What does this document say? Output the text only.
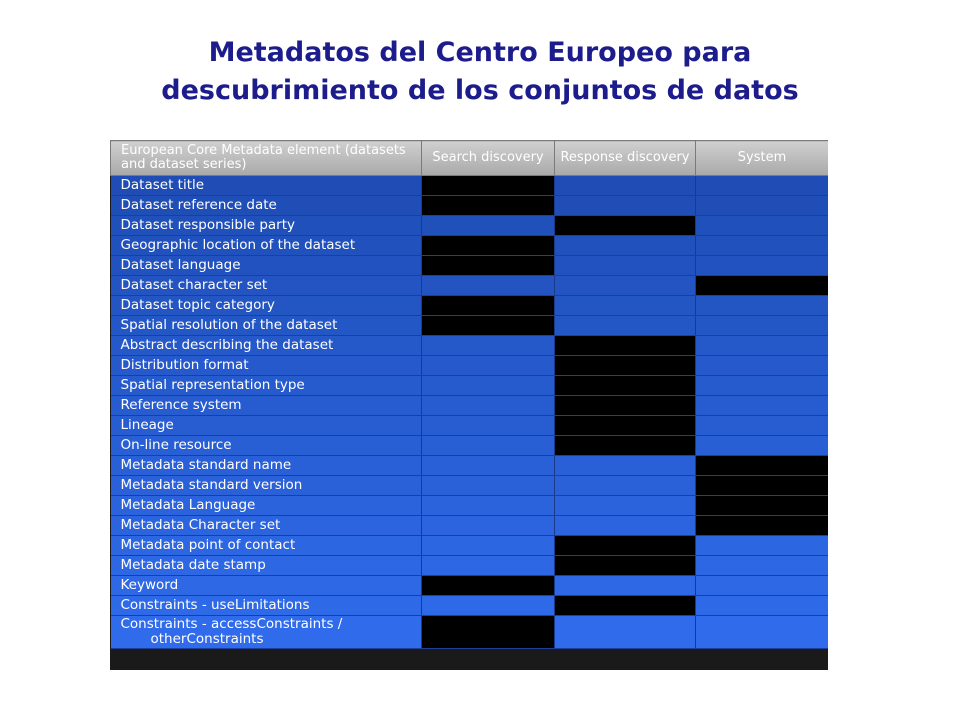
Metadatos del Centro Europeo para
descubrimiento de los conjuntos de datos
European Core Metadata element (datasets and dataset series)	Search discovery	Response discovery	System
Dataset title			
Dataset reference date			
Dataset responsible party			
Geographic location of the dataset			
Dataset language			
Dataset character set			
Dataset topic category			
Spatial resolution of the dataset			
Abstract describing the dataset			
Distribution format			
Spatial representation type			
Reference system			
Lineage			
On-line resource			
Metadata standard name			
Metadata standard version			
Metadata Language			
Metadata Character set			
Metadata point of contact			
Metadata date stamp			
Keyword			
Constraints - useLimitations			
Constraints - accessConstraints /
otherConstraints			
